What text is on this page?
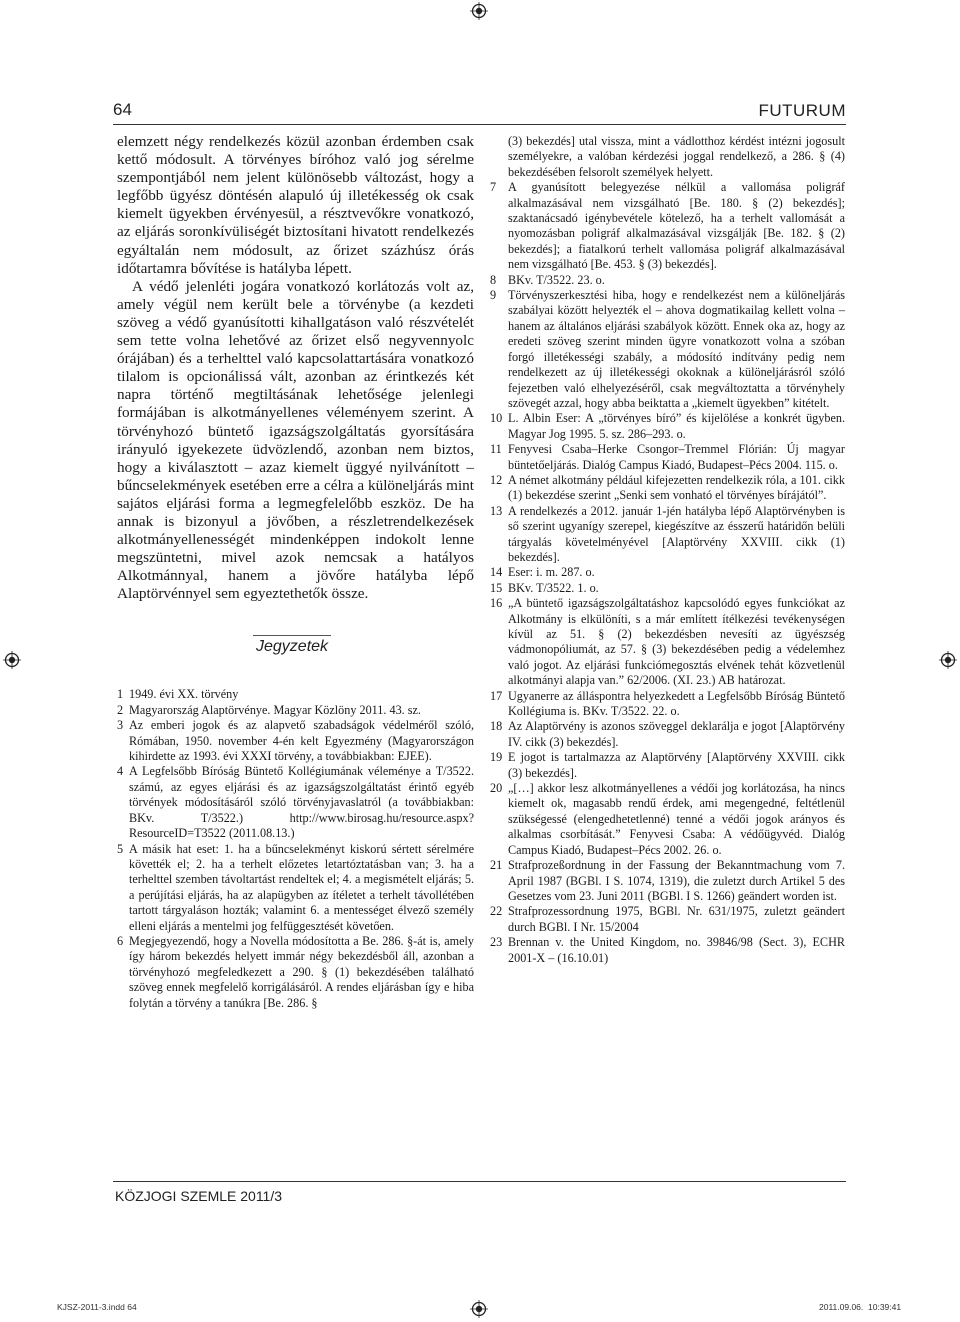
64	FUTURUM

elemzett négy rendelkezés közül azonban érdemben csak kettő módosult. A törvényes bíróhoz való jog sérelme szempontjából nem jelent különösebb változást, hogy a legfőbb ügyész döntésén alapuló új illetékesség ok csak kiemelt ügyekben érvényesül, a résztvevőkre vonatkozó, az eljárás soronkívüliségét biztosítani hivatott rendelkezés egyáltalán nem módosult, az őrizet százhúsz órás időtartamra bővítése is hatályba lépett.

A védő jelenléti jogára vonatkozó korlátozás volt az, amely végül nem került bele a törvénybe (a kezdeti szöveg a védő gyanúsítotti kihallgatáson való részvételét sem tette volna lehetővé az őrizet első negyvennyolc órájában) és a terhelttel való kapcsolattartására vonatkozó tilalom is opcionálissá vált, azonban az érintkezés két napra történő megtiltásának lehetősége jelenlegi formájában is alkotmányellenes véleményem szerint. A törvényhozó büntető igazságszolgáltatás gyorsítására irányuló igyekezete üdvözlendő, azonban nem biztos, hogy a kiválasztott – azaz kiemelt üggyé nyilvánított – bűncselekmények esetében erre a célra a különeljárás mint sajátos eljárási forma a legmegfelelőbb eszköz. De ha annak is bizonyul a jövőben, a részletrendelkezések alkotmányellenességét mindenképpen indokolt lenne megszüntetni, mivel azok nemcsak a hatályos Alkotmánnyal, hanem a jövőre hatályba lépő Alaptörvénnyel sem egyeztethetők össze.

Jegyzetek
1 1949. évi XX. törvény
2 Magyarország Alaptörvénye. Magyar Közlöny 2011. 43. sz.
3 Az emberi jogok és az alapvető szabadságok védelméről szóló, Rómában, 1950. november 4-én kelt Egyezmény (Magyarországon kihirdette az 1993. évi XXXI törvény, a továbbiakban: EJEE).
4 A Legfelsőbb Bíróság Büntető Kollégiumának véleménye a T/3522. számú, az egyes eljárási és az igazságszolgáltatást érintő egyéb törvények módosításáról szóló törvényjavaslatról (a továbbiakban: BKv. T/3522.) http://www.birosag.hu/resource.aspx?ResourceID=T3522 (2011.08.13.)
5 A másik hat eset: 1. ha a bűncselekményt kiskorú sértett sérelmére követték el; 2. ha a terhelt előzetes letartóztatásban van; 3. ha a terhelttel szemben távoltartást rendeltek el; 4. a megismételt eljárás; 5. a perújítási eljárás, ha az alapügyben az ítéletet a terhelt távollétében tartott tárgyaláson hozták; valamint 6. a mentességet élvező személy elleni eljárás a mentelmi jog felfüggesztését követően.
6 Megjegyezendő, hogy a Novella módosította a Be. 286. §-át is, amely így három bekezdés helyett immár négy bekezdésből áll, azonban a törvényhozó megfeledkezett a 290. § (1) bekezdésében található szöveg ennek megfelelő korrigálásáról. A rendes eljárásban így e hiba folytán a törvény a tanúkra [Be. 286. §

(3) bekezdés] utal vissza, mint a vádlotthoz kérdést intézni jogosult személyekre, a valóban kérdezési joggal rendelkező, a 286. § (4) bekezdésében felsorolt személyek helyett.

7 A gyanúsított belegyezése nélkül a vallomása poligráf alkalmazásával nem vizsgálható [Be. 180. § (2) bekezdés]; szaktanácsadó igénybevétele kötelező, ha a terhelt vallomását a nyomozásban poligráf alkalmazásával vizsgálják [Be. 182. § (2) bekezdés]; a fiatalkorú terhelt vallomása poligráf alkalmazásával nem vizsgálható [Be. 453. § (3) bekezdés].
8 BKv. T/3522. 23. o.
9 Törvényszerkesztési hiba, hogy e rendelkezést nem a különeljárás szabályai között helyezték el – ahova dogmatikailag kellett volna – hanem az általános eljárási szabályok között. Ennek oka az, hogy az eredeti szöveg szerint minden ügyre vonatkozott volna a szóban forgó illetékességi szabály, a módosító indítvány pedig nem rendelkezett az új illetékességi okoknak a különeljárásról szóló fejezetben való elhelyezéséről, csak megváltoztatta a törvényhely szövegét azzal, hogy abba beiktatta a „kiemelt ügyekben” kitételt.
10 L. Albin Eser: A „törvényes bíró” és kijelölése a konkrét ügyben. Magyar Jog 1995. 5. sz. 286–293. o.
11 Fenyvesi Csaba–Herke Csongor–Tremmel Flórián: Új magyar büntetőeljárás. Dialóg Campus Kiadó, Budapest–Pécs 2004. 115. o.
12 A német alkotmány például kifejezetten rendelkezik róla, a 101. cikk (1) bekezdése szerint „Senki sem vonható el törvényes bírájától”.
13 A rendelkezés a 2012. január 1-jén hatályba lépő Alaptörvényben is ső szerint ugyanígy szerepel, kiegészítve az ésszerű határidőn belüli tárgyalás követelményével [Alaptörvény XXVIII. cikk (1) bekezdés].
14 Eser: i. m. 287. o.
15 BKv. T/3522. 1. o.
16 „A büntető igazságszolgáltatáshoz kapcsolódó egyes funkciókat az Alkotmány is elkülöníti, s a már említett ítélkezési tevékenységen kívül az 51. § (2) bekezdésben nevesíti az ügyészség vádmonopóliumát, az 57. § (3) bekezdésében pedig a védelemhez való jogot. Az eljárási funkciómegosztás elvének tehát közvetlenül alkotmányi alapja van.” 62/2006. (XI. 23.) AB határozat.
17 Ugyanerre az álláspontra helyezkedett a Legfelsőbb Bíróság Büntető Kollégiuma is. BKv. T/3522. 22. o.
18 Az Alaptörvény is azonos szöveggel deklarálja e jogot [Alaptörvény IV. cikk (3) bekezdés].
19 E jogot is tartalmazza az Alaptörvény [Alaptörvény XXVIII. cikk (3) bekezdés].
20 „[…] akkor lesz alkotmányellenes a védői jog korlátozása, ha nincs kiemelt ok, magasabb rendű érdek, ami megengedné, feltétlenül szükségessé (elengedhetetlenné) tenné a védői jogok arányos és alkalmas csorbítását.” Fenyvesi Csaba: A védőügyvéd. Dialóg Campus Kiadó, Budapest–Pécs 2002. 26. o.
21 Strafprozeßordnung in der Fassung der Bekanntmachung vom 7. April 1987 (BGBl. I S. 1074, 1319), die zuletzt durch Artikel 5 des Gesetzes vom 23. Juni 2011 (BGBl. I S. 1266) geändert worden ist.
22 Strafprozessordnung 1975, BGBl. Nr. 631/1975, zuletzt geändert durch BGBl. I Nr. 15/2004
23 Brennan v. the United Kingdom, no. 39846/98 (Sect. 3), ECHR 2001-X – (16.10.01)
KÖZJOGI SZEMLE 2011/3
KJSZ-2011-3.indd 64	2011.09.06. 10:39:41
